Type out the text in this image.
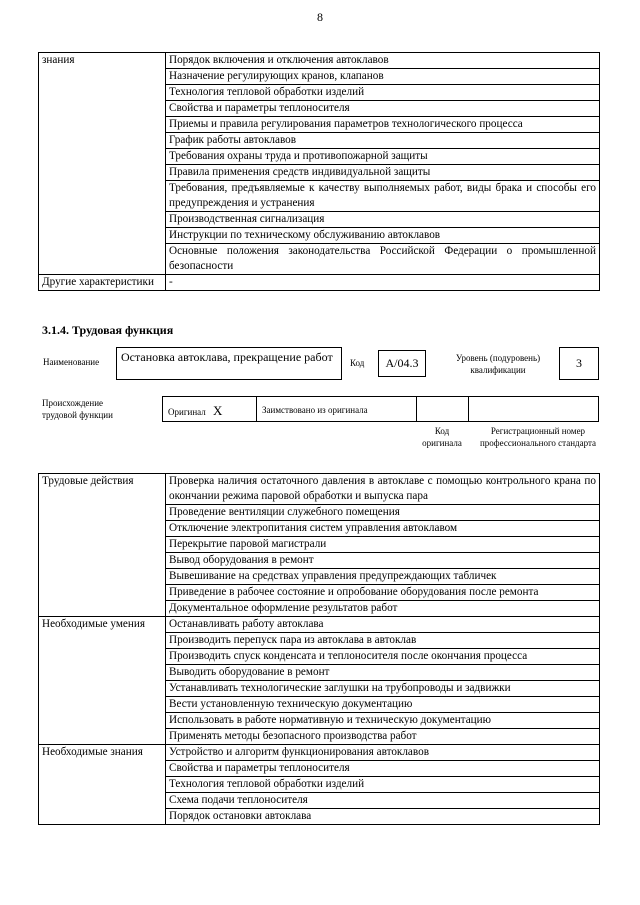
8
знания	Порядок включения и отключения автоклавов
	Назначение регулирующих кранов, клапанов
	Технология тепловой обработки изделий
	Свойства и параметры теплоносителя
	Приемы и правила регулирования параметров технологического процесса
	График работы автоклавов
	Требования охраны труда и противопожарной защиты
	Правила применения средств индивидуальной защиты
	Требования, предъявляемые к качеству выполняемых работ, виды брака и способы его предупреждения и устранения
	Производственная сигнализация
	Инструкции по техническому обслуживанию автоклавов
	Основные положения законодательства Российской Федерации о промышленной безопасности
Другие характеристики	-
3.1.4. Трудовая функция
Наименование	Остановка автоклава, прекращение работ	Код	А/04.3	Уровень (подуровень) квалификации	3
Происхождение трудовой функции	Оригинал X	Заимствовано из оригинала
Код оригинала
Регистрационный номер профессионального стандарта
Трудовые действия	Проверка наличия остаточного давления в автоклаве с помощью контрольного крана по окончании режима паровой обработки и выпуска пара
	Проведение вентиляции служебного помещения
	Отключение электропитания систем управления автоклавом
	Перекрытие паровой магистрали
	Вывод оборудования в ремонт
	Вывешивание на средствах управления предупреждающих табличек
	Приведение в рабочее состояние и опробование оборудования после ремонта
	Документальное оформление результатов работ
Необходимые умения	Останавливать работу автоклава
	Производить перепуск пара из автоклава в автоклав
	Производить спуск конденсата и теплоносителя после окончания процесса
	Выводить оборудование в ремонт
	Устанавливать технологические заглушки на трубопроводы и задвижки
	Вести установленную техническую документацию
	Использовать в работе нормативную и техническую документацию
	Применять методы безопасного производства работ
Необходимые знания	Устройство и алгоритм функционирования автоклавов
	Свойства и параметры теплоносителя
	Технология тепловой обработки изделий
	Схема подачи теплоносителя
	Порядок остановки автоклава
